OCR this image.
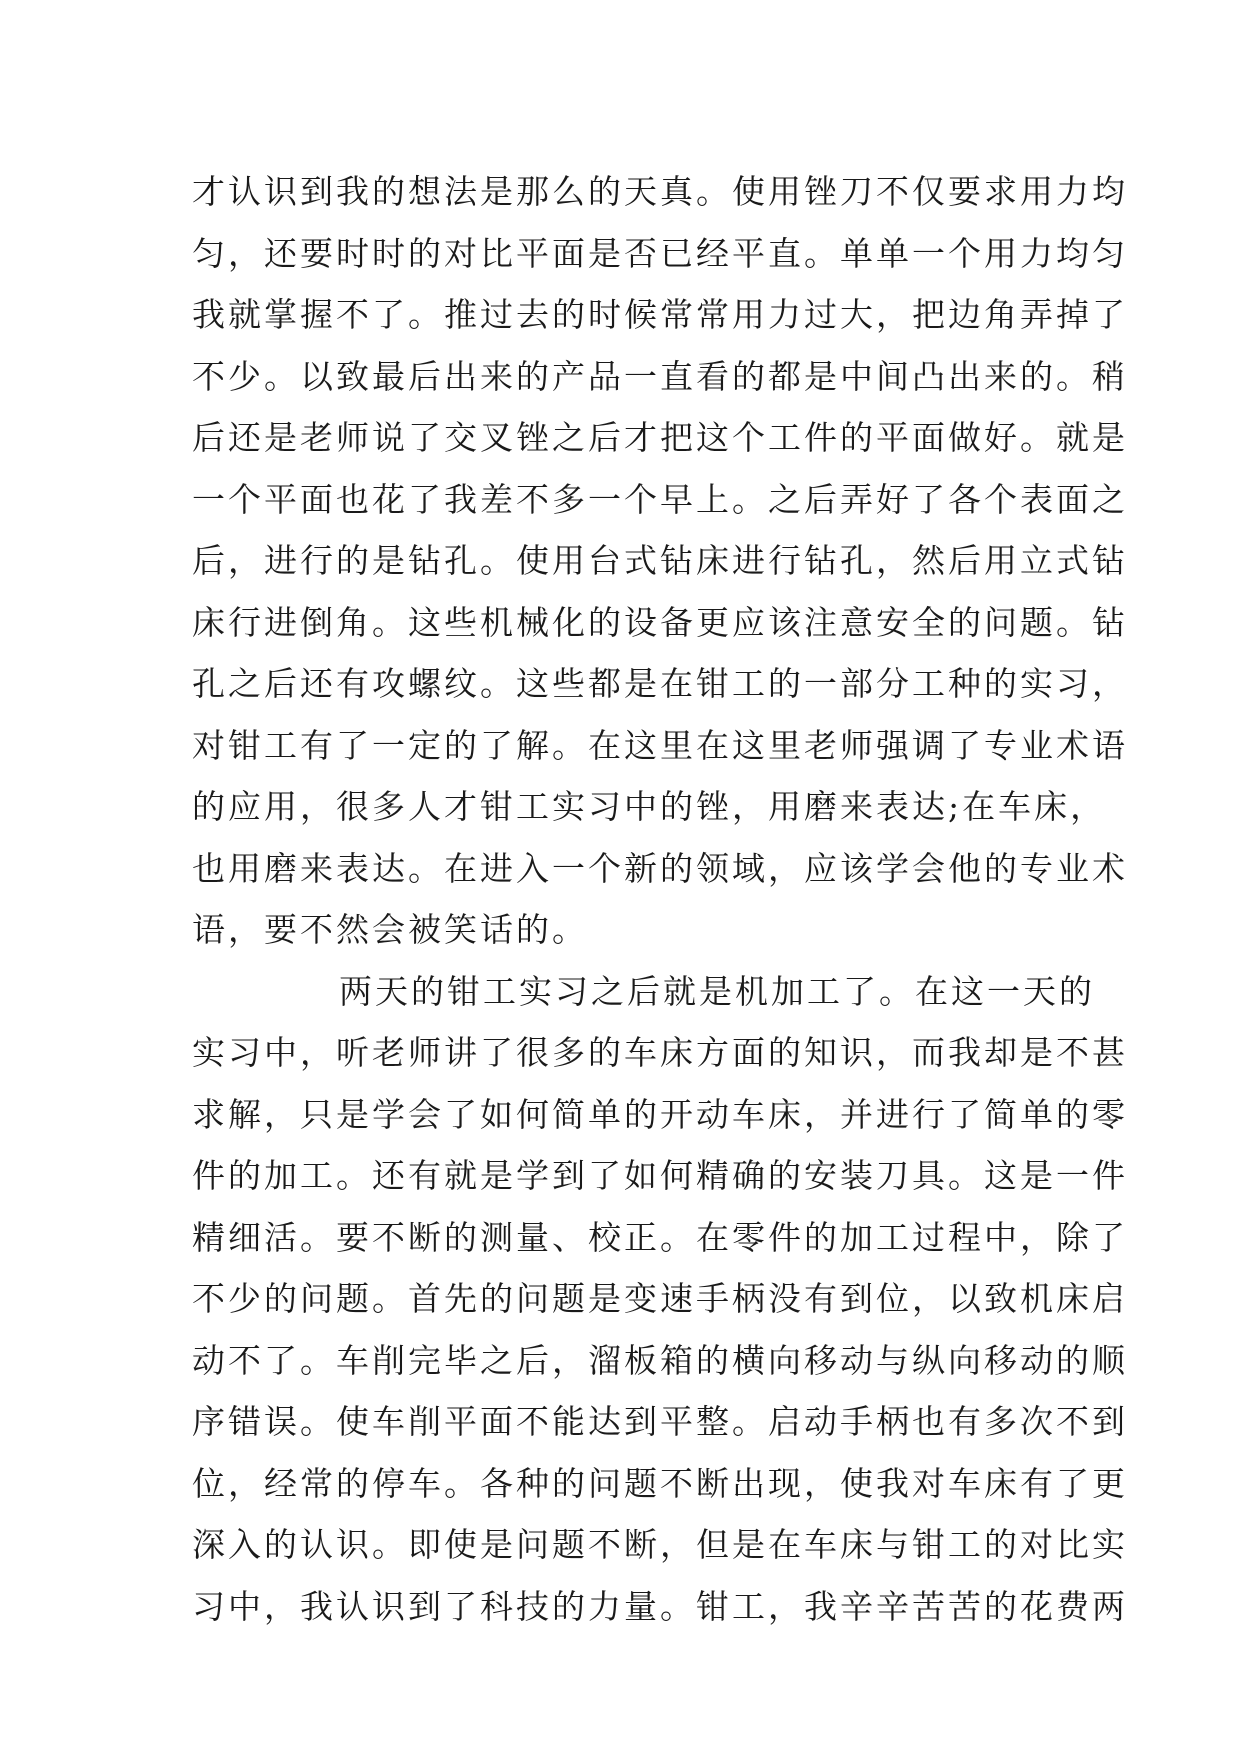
才认识到我的想法是那么的天真。使用锉刀不仅要求用力均
匀，还要时时的对比平面是否已经平直。单单一个用力均匀
我就掌握不了。推过去的时候常常用力过大，把边角弄掉了
不少。以致最后出来的产品一直看的都是中间凸出来的。稍
后还是老师说了交叉锉之后才把这个工件的平面做好。就是
一个平面也花了我差不多一个早上。之后弄好了各个表面之
后，进行的是钻孔。使用台式钻床进行钻孔，然后用立式钻
床行进倒角。这些机械化的设备更应该注意安全的问题。钻
孔之后还有攻螺纹。这些都是在钳工的一部分工种的实习，
对钳工有了一定的了解。在这里在这里老师强调了专业术语
的应用，很多人才钳工实习中的锉，用磨来表达;在车床，
也用磨来表达。在进入一个新的领域，应该学会他的专业术
语，要不然会被笑话的。
两天的钳工实习之后就是机加工了。在这一天的
实习中，听老师讲了很多的车床方面的知识，而我却是不甚
求解，只是学会了如何简单的开动车床，并进行了简单的零
件的加工。还有就是学到了如何精确的安装刀具。这是一件
精细活。要不断的测量、校正。在零件的加工过程中，除了
不少的问题。首先的问题是变速手柄没有到位，以致机床启
动不了。车削完毕之后，溜板箱的横向移动与纵向移动的顺
序错误。使车削平面不能达到平整。启动手柄也有多次不到
位，经常的停车。各种的问题不断出现，使我对车床有了更
深入的认识。即使是问题不断，但是在车床与钳工的对比实
习中，我认识到了科技的力量。钳工，我辛辛苦苦的花费两
